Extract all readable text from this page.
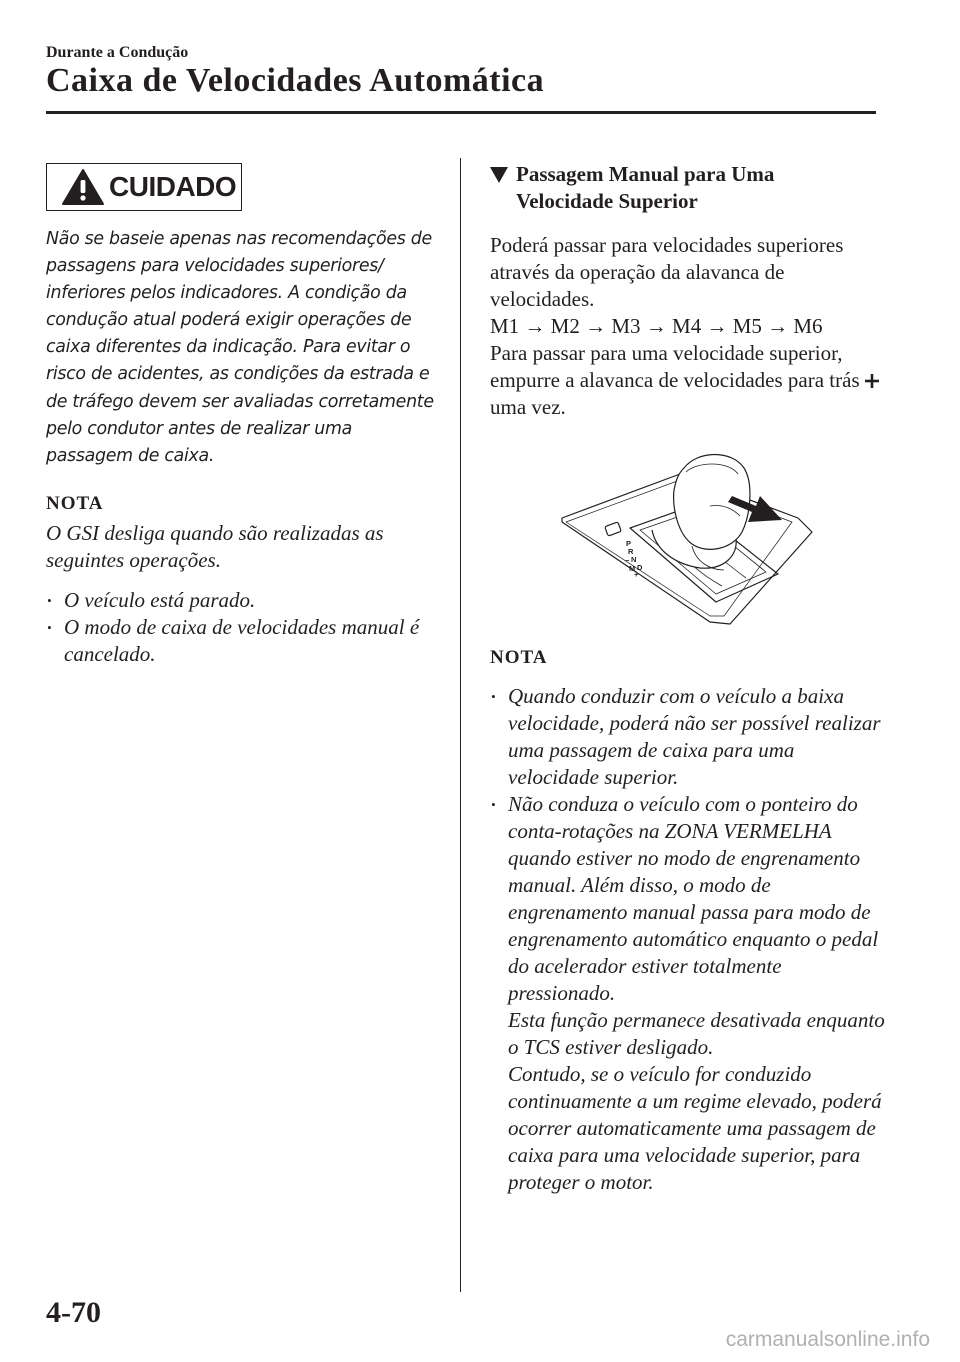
Durante a Condução
Caixa de Velocidades Automática
CUIDADO

Não se baseie apenas nas recomendações de passagens para velocidades superiores/ inferiores pelos indicadores. A condição da condução atual poderá exigir operações de caixa diferentes da indicação. Para evitar o risco de acidentes, as condições da estrada e de tráfego devem ser avaliadas corretamente pelo condutor antes de realizar uma passagem de caixa.

NOTA

O GSI desliga quando são realizadas as seguintes operações.

• O veículo está parado.
• O modo de caixa de velocidades manual é cancelado.
Passagem Manual para Uma
Velocidade Superior

Poderá passar para velocidades superiores através da operação da alavanca de velocidades.

M1 → M2 → M3 → M4 → M5 → M6

Para passar para uma velocidade superior, empurre a alavanca de velocidades para trás  uma vez.

P
R
N
D
M
+
−
NOTA
• Quando conduzir com o veículo a baixa velocidade, poderá não ser possível realizar uma passagem de caixa para uma velocidade superior.
• Não conduza o veículo com o ponteiro do conta-rotações na ZONA VERMELHA quando estiver no modo de engrenamento manual. Além disso, o modo de engrenamento manual passa para modo de engrenamento automático enquanto o pedal do acelerador estiver totalmente pressionado.
Esta função permanece desativada enquanto o TCS estiver desligado.
Contudo, se o veículo for conduzido continuamente a um regime elevado, poderá ocorrer automaticamente uma passagem de caixa para uma velocidade superior, para proteger o motor.
4-70
carmanualsonline.info
